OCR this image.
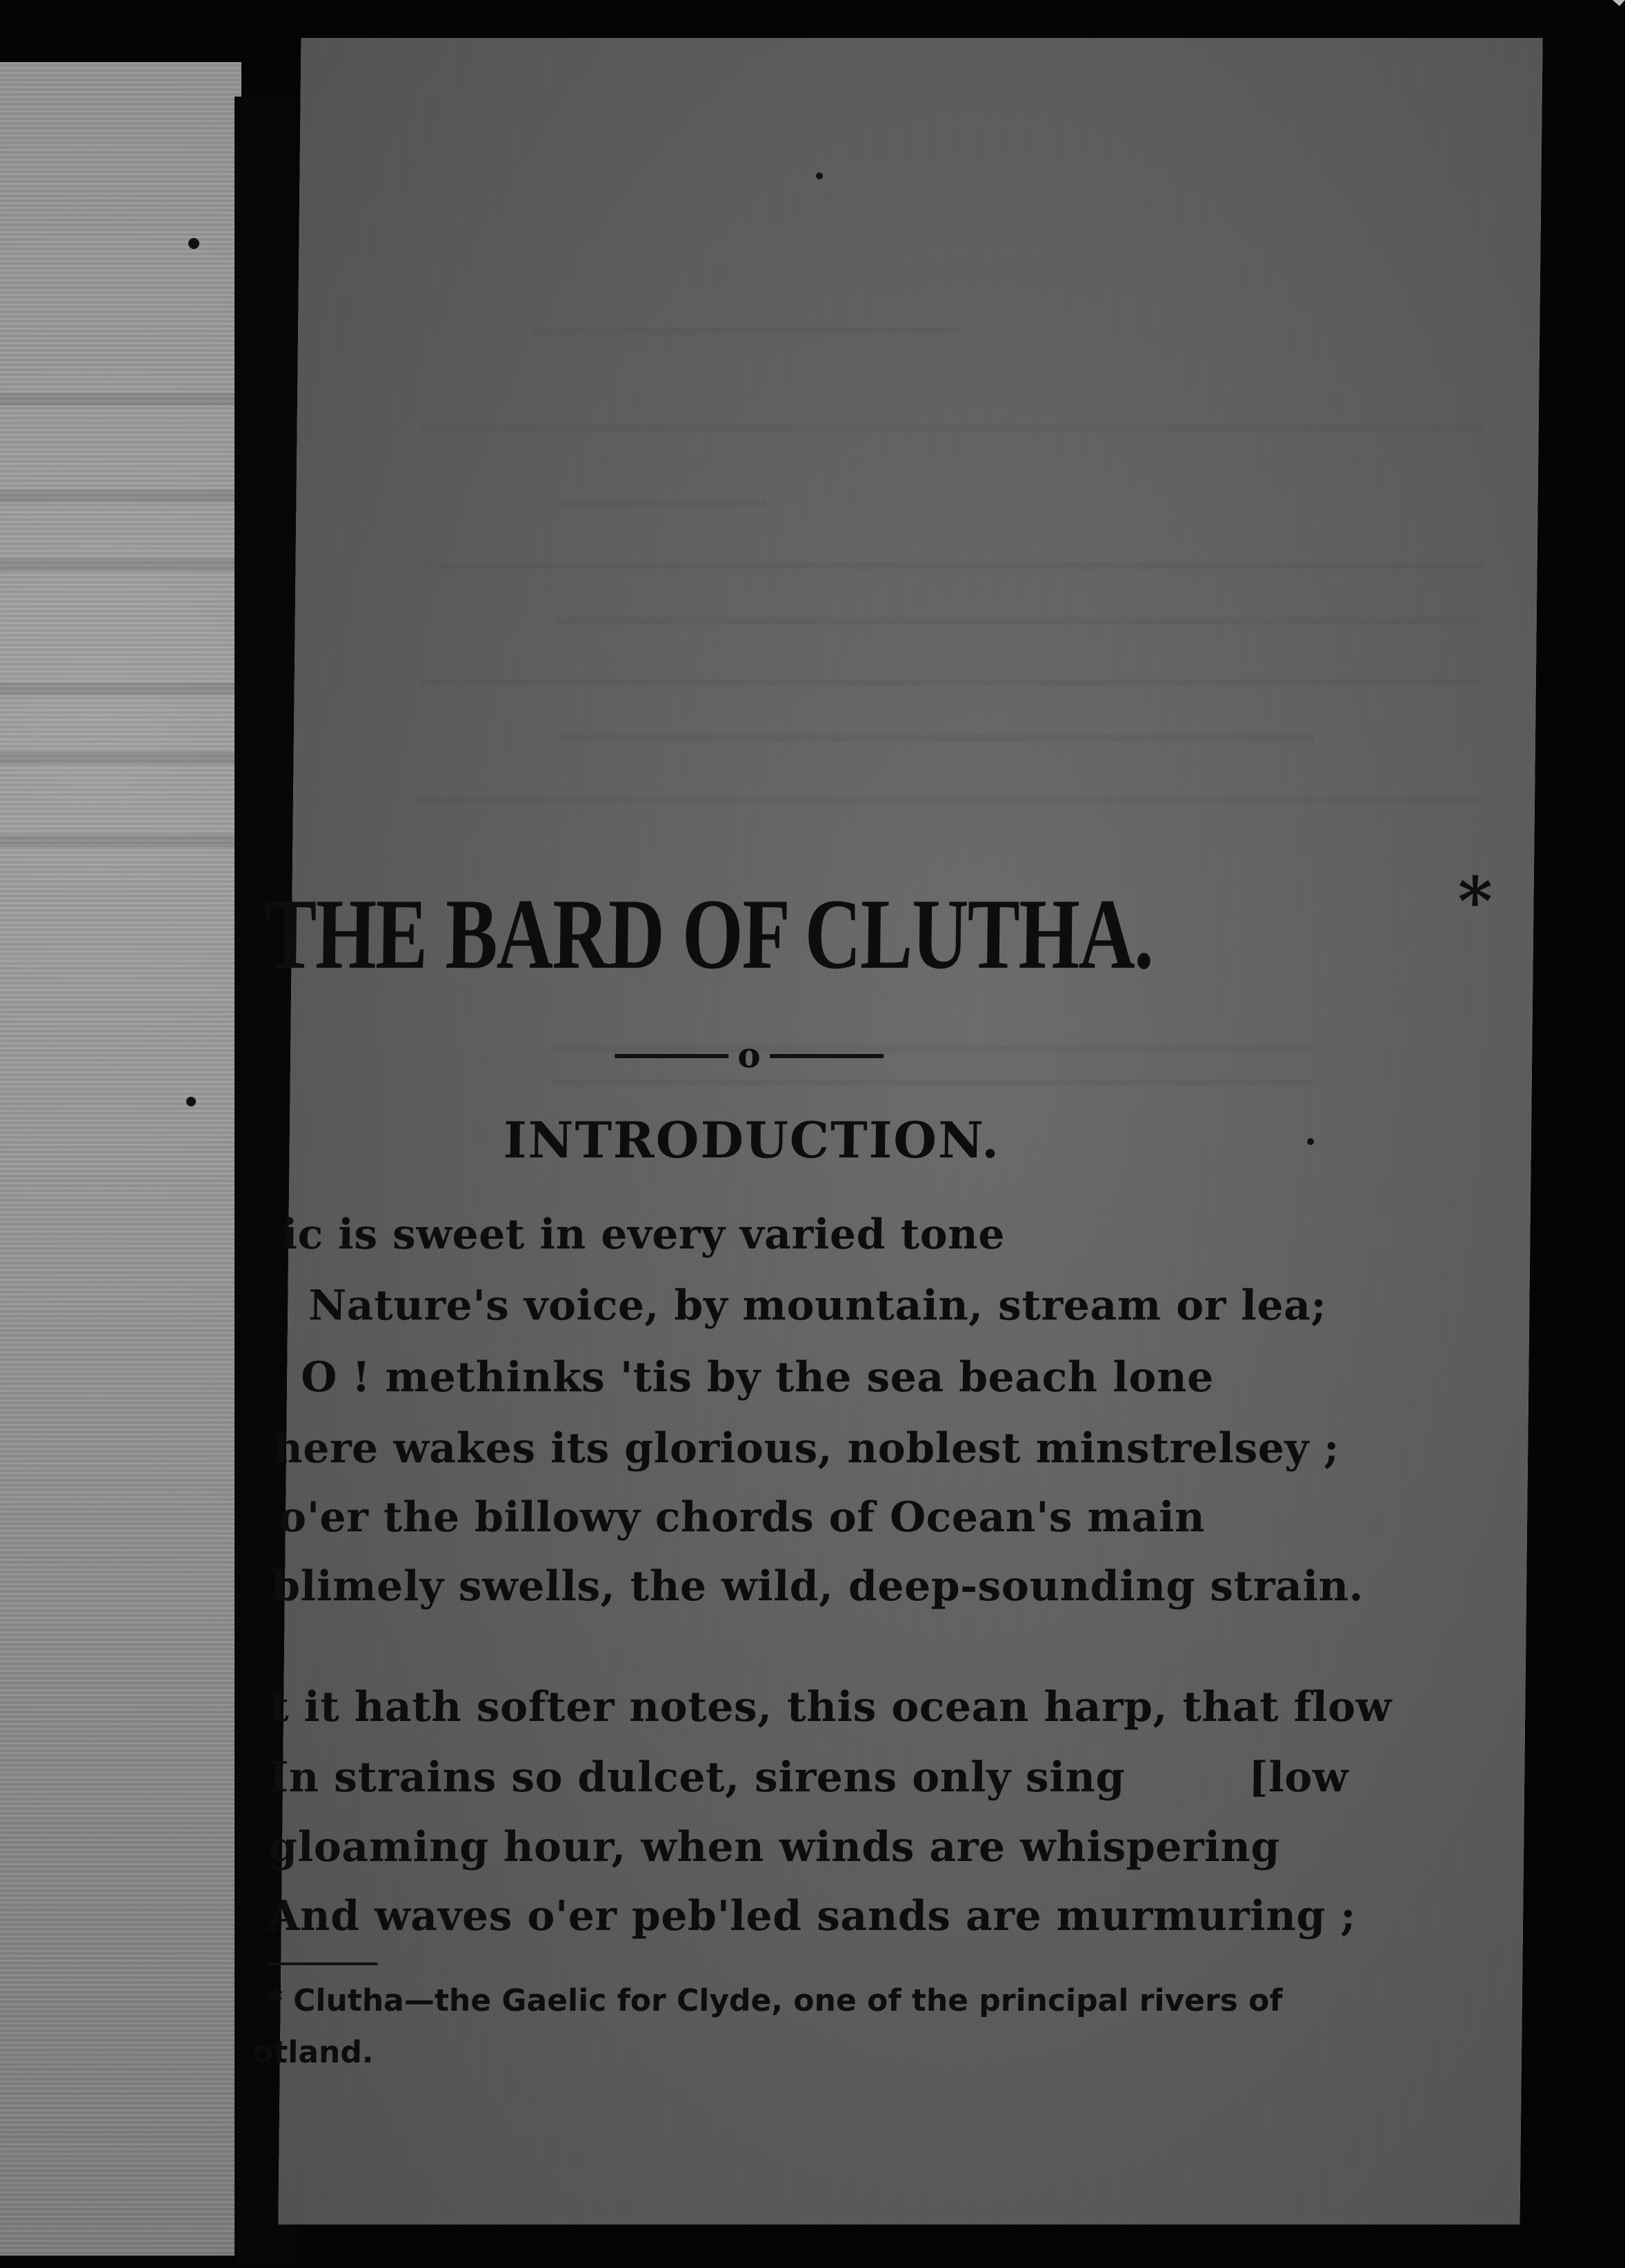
THE BARD OF CLUTHA.	*
o
INTRODUCTION.
ic is sweet in every varied tone
Nature's voice, by mountain, stream or lea;
O ! methinks 'tis by the sea beach lone
here wakes its glorious, noblest minstrelsey ;
o'er the billowy chords of Ocean's main
blimely swells, the wild, deep-sounding strain.
t it hath softer notes, this ocean harp, that flow
In strains so dulcet, sirens only sing	[low
gloaming hour, when winds are whispering
And waves o'er peb'led sands are murmuring ;
* Clutha—the Gaelic for Clyde, one of the principal rivers of
otland.
